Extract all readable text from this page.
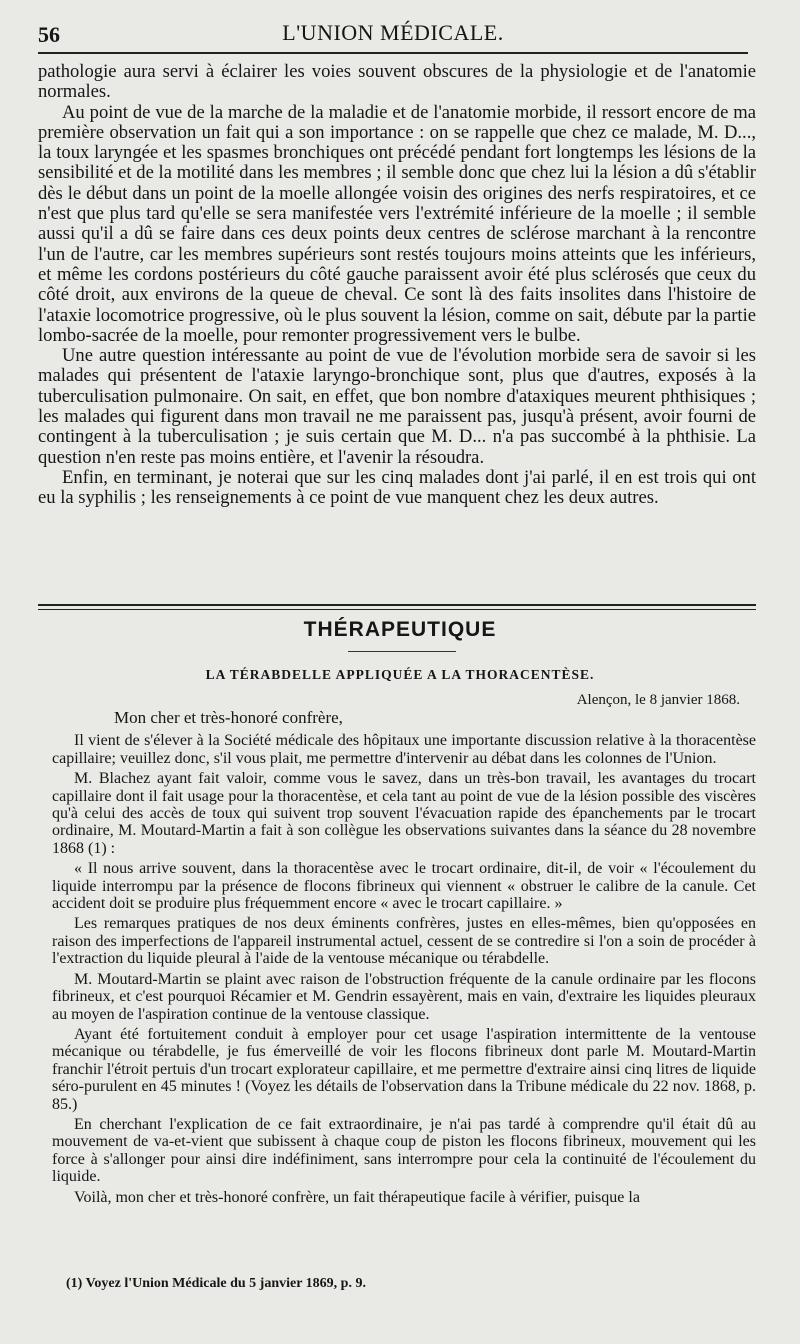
56	L'UNION MÉDICALE.

pathologie aura servi à éclairer les voies souvent obscures de la physiologie et de l'anatomie normales.

Au point de vue de la marche de la maladie et de l'anatomie morbide, il ressort encore de ma première observation un fait qui a son importance : on se rappelle que chez ce malade, M. D..., la toux laryngée et les spasmes bronchiques ont précédé pendant fort longtemps les lésions de la sensibilité et de la motilité dans les membres ; il semble donc que chez lui la lésion a dû s'établir dès le début dans un point de la moelle allongée voisin des origines des nerfs respiratoires, et ce n'est que plus tard qu'elle se sera manifestée vers l'extrémité inférieure de la moelle ; il semble aussi qu'il a dû se faire dans ces deux points deux centres de sclérose marchant à la rencontre l'un de l'autre, car les membres supérieurs sont restés toujours moins atteints que les inférieurs, et même les cordons postérieurs du côté gauche paraissent avoir été plus sclérosés que ceux du côté droit, aux environs de la queue de cheval. Ce sont là des faits insolites dans l'histoire de l'ataxie locomotrice progressive, où le plus souvent la lésion, comme on sait, débute par la partie lombo-sacrée de la moelle, pour remonter progressivement vers le bulbe.

Une autre question intéressante au point de vue de l'évolution morbide sera de savoir si les malades qui présentent de l'ataxie laryngo-bronchique sont, plus que d'autres, exposés à la tuberculisation pulmonaire. On sait, en effet, que bon nombre d'ataxiques meurent phthisiques ; les malades qui figurent dans mon travail ne me paraissent pas, jusqu'à présent, avoir fourni de contingent à la tuberculisation ; je suis certain que M. D... n'a pas succombé à la phthisie. La question n'en reste pas moins entière, et l'avenir la résoudra.

Enfin, en terminant, je noterai que sur les cinq malades dont j'ai parlé, il en est trois qui ont eu la syphilis ; les renseignements à ce point de vue manquent chez les deux autres.

THÉRAPEUTIQUE
LA TÉRABDELLE APPLIQUÉE A LA THORACENTÈSE.
Alençon, le 8 janvier 1868.

Mon cher et très-honoré confrère,

Il vient de s'élever à la Société médicale des hôpitaux une importante discussion relative à la thoracentèse capillaire; veuillez donc, s'il vous plait, me permettre d'intervenir au débat dans les colonnes de l'Union.

M. Blachez ayant fait valoir, comme vous le savez, dans un très-bon travail, les avantages du trocart capillaire dont il fait usage pour la thoracentèse, et cela tant au point de vue de la lésion possible des viscères qu'à celui des accès de toux qui suivent trop souvent l'évacuation rapide des épanchements par le trocart ordinaire, M. Moutard-Martin a fait à son collègue les observations suivantes dans la séance du 28 novembre 1868 (1) :

« Il nous arrive souvent, dans la thoracentèse avec le trocart ordinaire, dit-il, de voir « l'écoulement du liquide interrompu par la présence de flocons fibrineux qui viennent « obstruer le calibre de la canule. Cet accident doit se produire plus fréquemment encore « avec le trocart capillaire. »

Les remarques pratiques de nos deux éminents confrères, justes en elles-mêmes, bien qu'opposées en raison des imperfections de l'appareil instrumental actuel, cessent de se contredire si l'on a soin de procéder à l'extraction du liquide pleural à l'aide de la ventouse mécanique ou térabdelle.

M. Moutard-Martin se plaint avec raison de l'obstruction fréquente de la canule ordinaire par les flocons fibrineux, et c'est pourquoi Récamier et M. Gendrin essayèrent, mais en vain, d'extraire les liquides pleuraux au moyen de l'aspiration continue de la ventouse classique.

Ayant été fortuitement conduit à employer pour cet usage l'aspiration intermittente de la ventouse mécanique ou térabdelle, je fus émerveillé de voir les flocons fibrineux dont parle M. Moutard-Martin franchir l'étroit pertuis d'un trocart explorateur capillaire, et me permettre d'extraire ainsi cinq litres de liquide séro-purulent en 45 minutes ! (Voyez les détails de l'observation dans la Tribune médicale du 22 nov. 1868, p. 85.)

En cherchant l'explication de ce fait extraordinaire, je n'ai pas tardé à comprendre qu'il était dû au mouvement de va-et-vient que subissent à chaque coup de piston les flocons fibrineux, mouvement qui les force à s'allonger pour ainsi dire indéfiniment, sans interrompre pour cela la continuité de l'écoulement du liquide.

Voilà, mon cher et très-honoré confrère, un fait thérapeutique facile à vérifier, puisque la

(1) Voyez l'Union Médicale du 5 janvier 1869, p. 9.
